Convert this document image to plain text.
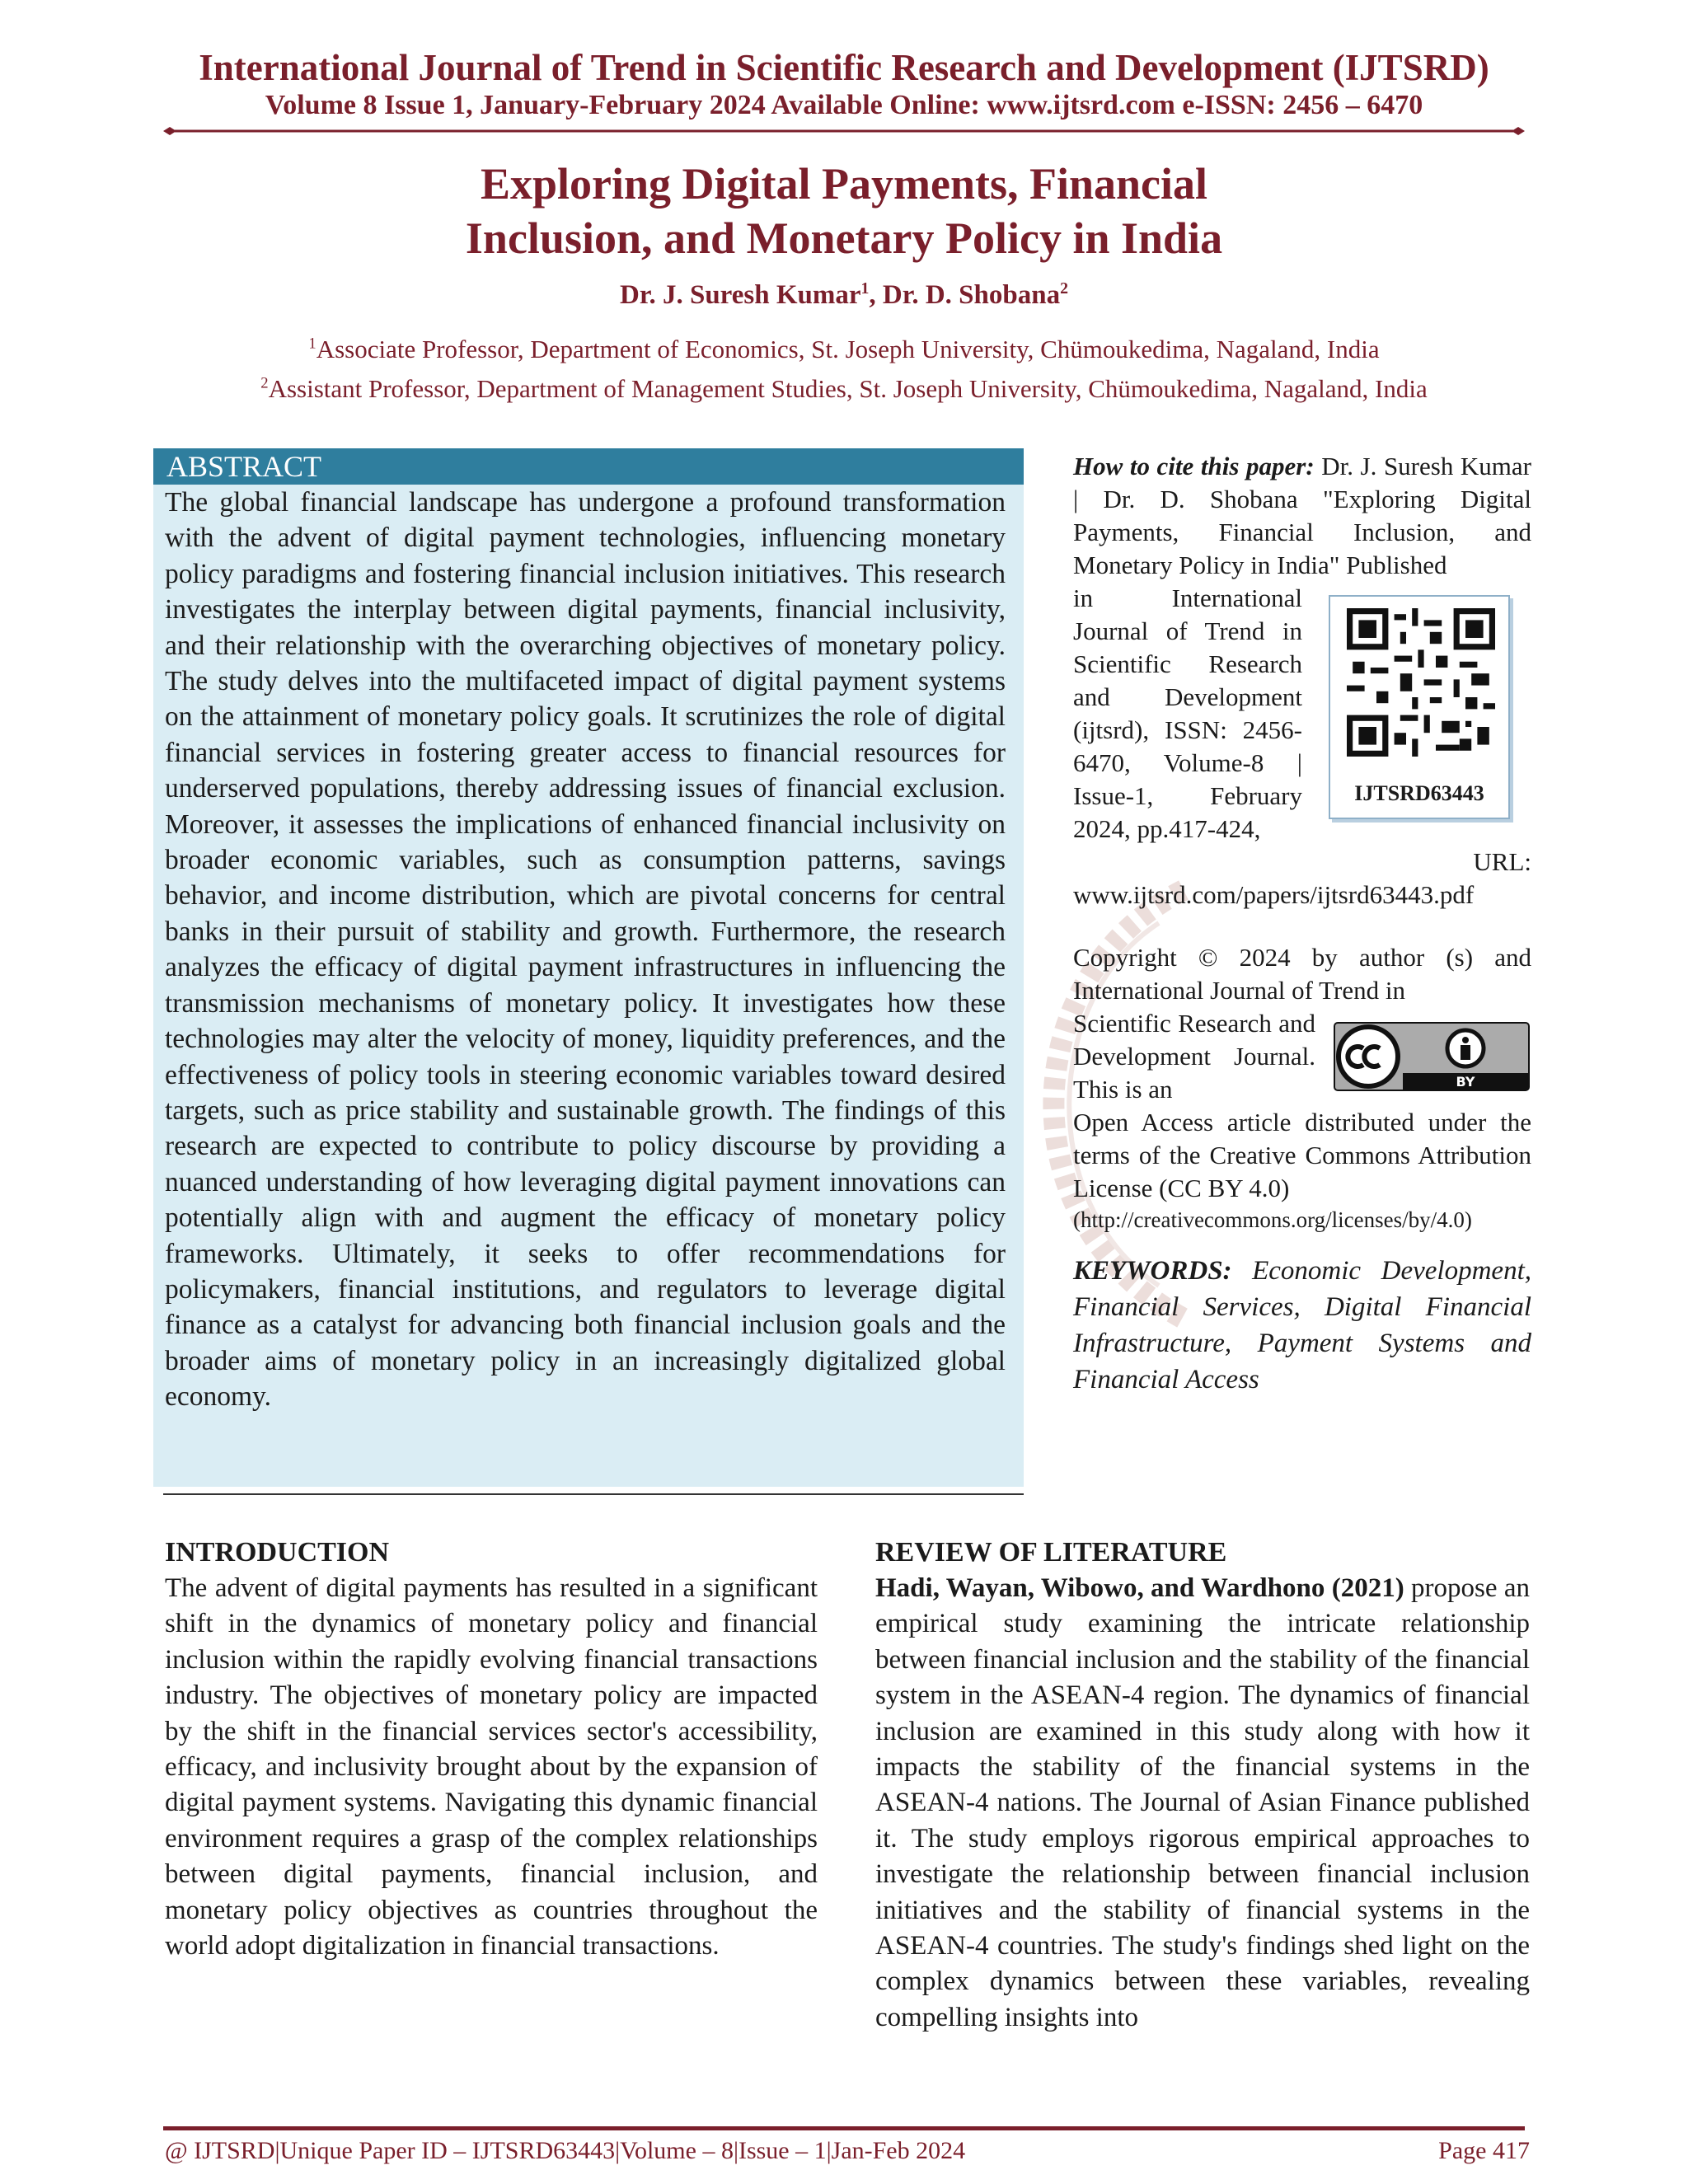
International Journal of Trend in Scientific Research and Development (IJTSRD)
Volume 8 Issue 1, January-February 2024 Available Online: www.ijtsrd.com e-ISSN: 2456 – 6470
Exploring Digital Payments, Financial
Inclusion, and Monetary Policy in India
Dr. J. Suresh Kumar$^1$, Dr. D. Shobana$^2$
$^1$Associate Professor, Department of Economics, St. Joseph University, Chümoukedima, Nagaland, India
$^2$Assistant Professor, Department of Management Studies, St. Joseph University, Chümoukedima, Nagaland, India
ABSTRACT
The global financial landscape has undergone a profound transformation with the advent of digital payment technologies, influencing monetary policy paradigms and fostering financial inclusion initiatives. This research investigates the interplay between digital payments, financial inclusivity, and their relationship with the overarching objectives of monetary policy. The study delves into the multifaceted impact of digital payment systems on the attainment of monetary policy goals. It scrutinizes the role of digital financial services in fostering greater access to financial resources for underserved populations, thereby addressing issues of financial exclusion. Moreover, it assesses the implications of enhanced financial inclusivity on broader economic variables, such as consumption patterns, savings behavior, and income distribution, which are pivotal concerns for central banks in their pursuit of stability and growth. Furthermore, the research analyzes the efficacy of digital payment infrastructures in influencing the transmission mechanisms of monetary policy. It investigates how these technologies may alter the velocity of money, liquidity preferences, and the effectiveness of policy tools in steering economic variables toward desired targets, such as price stability and sustainable growth. The findings of this research are expected to contribute to policy discourse by providing a nuanced understanding of how leveraging digital payment innovations can potentially align with and augment the efficacy of monetary policy frameworks. Ultimately, it seeks to offer recommendations for policymakers, financial institutions, and regulators to leverage digital finance as a catalyst for advancing both financial inclusion goals and the broader aims of monetary policy in an increasingly digitalized global economy.
How to cite this paper: Dr. J. Suresh Kumar | Dr. D. Shobana "Exploring Digital Payments, Financial Inclusion, and Monetary Policy in India" Published
in International Journal of Trend in Scientific Research and Development (ijtsrd), ISSN: 2456-6470, Volume-8 | Issue-1, February 2024, pp.417-424,
URL:
www.ijtsrd.com/papers/ijtsrd63443.pdf
IJTSRD63443
Copyright © 2024 by author (s) and International Journal of Trend in
Scientific Research and Development Journal. This is an
Open Access article distributed under the terms of the Creative Commons Attribution License (CC BY 4.0)
(http://creativecommons.org/licenses/by/4.0)
BY
KEYWORDS: Economic Development, Financial Services, Digital Financial Infrastructure, Payment Systems and Financial Access
INTRODUCTION
The advent of digital payments has resulted in a significant shift in the dynamics of monetary policy and financial inclusion within the rapidly evolving financial transactions industry. The objectives of monetary policy are impacted by the shift in the financial services sector's accessibility, efficacy, and inclusivity brought about by the expansion of digital payment systems. Navigating this dynamic financial environment requires a grasp of the complex relationships between digital payments, financial inclusion, and monetary policy objectives as countries throughout the world adopt digitalization in financial transactions.
REVIEW OF LITERATURE
Hadi, Wayan, Wibowo, and Wardhono (2021) propose an empirical study examining the intricate relationship between financial inclusion and the stability of the financial system in the ASEAN-4 region. The dynamics of financial inclusion are examined in this study along with how it impacts the stability of the financial systems in the ASEAN-4 nations. The Journal of Asian Finance published it. The study employs rigorous empirical approaches to investigate the relationship between financial inclusion initiatives and the stability of financial systems in the ASEAN-4 countries. The study's findings shed light on the complex dynamics between these variables, revealing compelling insights into
@ IJTSRD | Unique Paper ID – IJTSRD63443 | Volume – 8 | Issue – 1 | Jan-Feb 2024	Page 417
